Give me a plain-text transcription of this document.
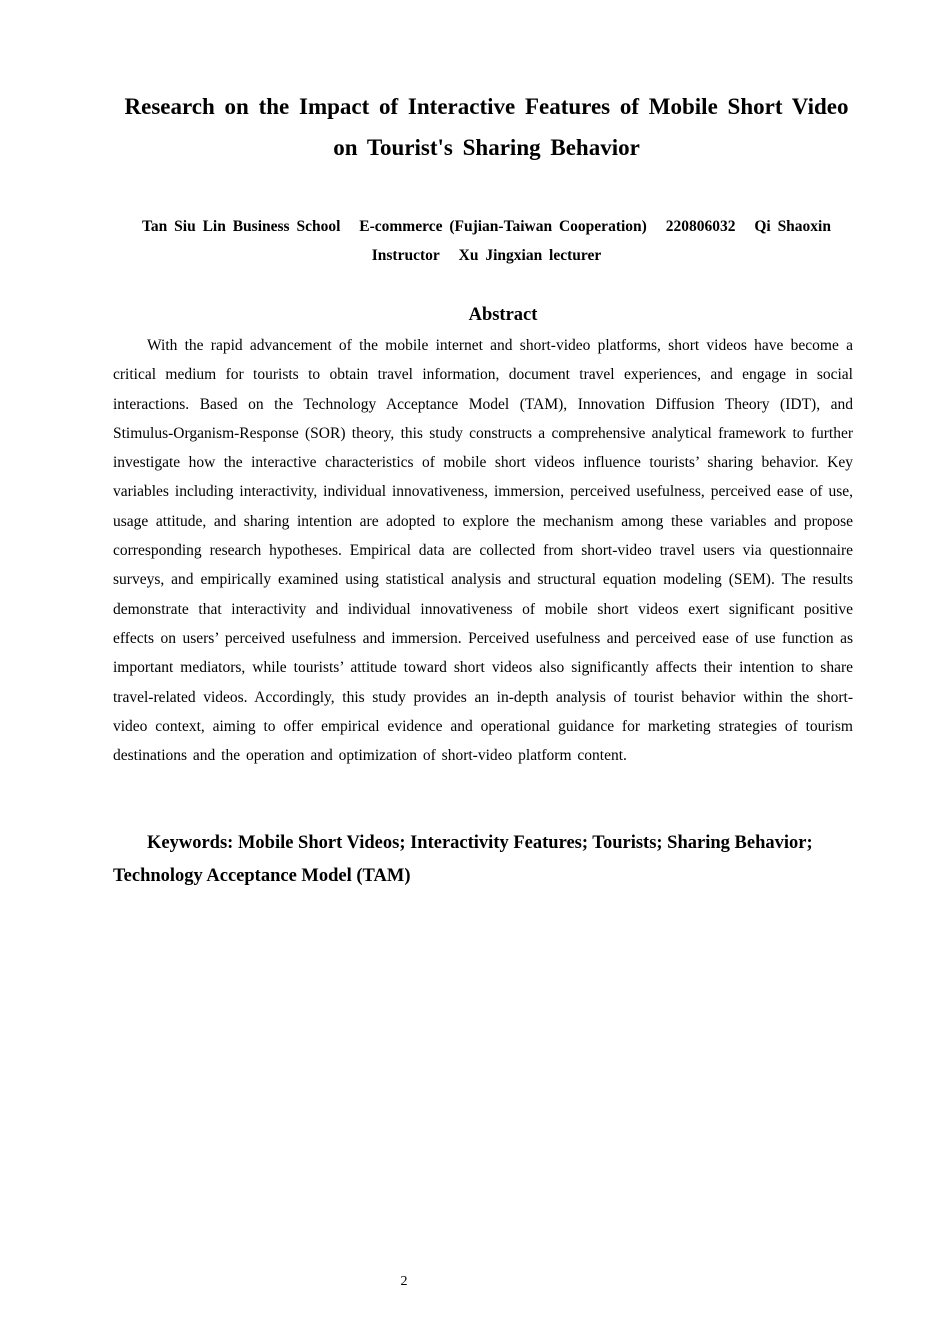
Research on the Impact of Interactive Features of Mobile Short Video on Tourist's Sharing Behavior
Tan Siu Lin Business School E-commerce (Fujian-Taiwan Cooperation) 220806032 Qi Shaoxin
Instructor Xu Jingxian lecturer
Abstract

With the rapid advancement of the mobile internet and short-video platforms, short videos have become a critical medium for tourists to obtain travel information, document travel experiences, and engage in social interactions. Based on the Technology Acceptance Model (TAM), Innovation Diffusion Theory (IDT), and Stimulus-Organism-Response (SOR) theory, this study constructs a comprehensive analytical framework to further investigate how the interactive characteristics of mobile short videos influence tourists’ sharing behavior. Key variables including interactivity, individual innovativeness, immersion, perceived usefulness, perceived ease of use, usage attitude, and sharing intention are adopted to explore the mechanism among these variables and propose corresponding research hypotheses. Empirical data are collected from short-video travel users via questionnaire surveys, and empirically examined using statistical analysis and structural equation modeling (SEM). The results demonstrate that interactivity and individual innovativeness of mobile short videos exert significant positive effects on users’ perceived usefulness and immersion. Perceived usefulness and perceived ease of use function as important mediators, while tourists’ attitude toward short videos also significantly affects their intention to share travel-related videos. Accordingly, this study provides an in-depth analysis of tourist behavior within the short-video context, aiming to offer empirical evidence and operational guidance for marketing strategies of tourism destinations and the operation and optimization of short-video platform content.

Keywords: Mobile Short Videos; Interactivity Features; Tourists; Sharing Behavior; Technology Acceptance Model (TAM)

2
